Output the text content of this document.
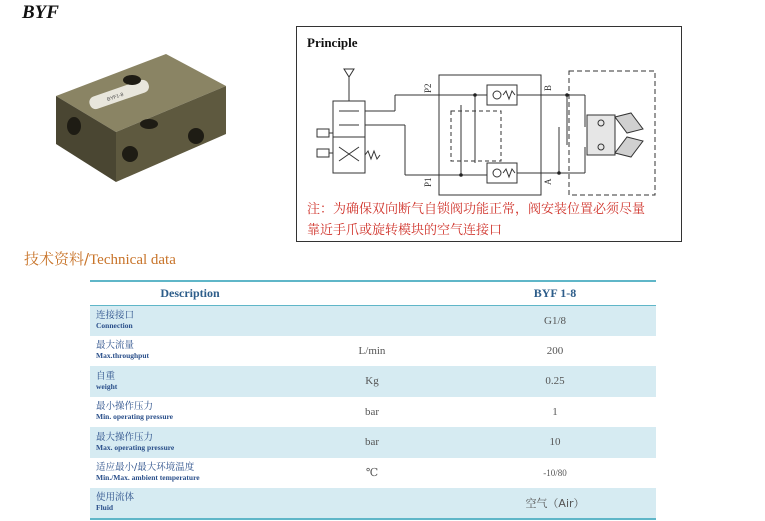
BYF
BYF1-8
Principle
P2
P1
B
A
注：为确保双向断气自锁阀功能正常，阀安装位置必须尽量
靠近手爪或旋转模块的空气连接口
技术资料/Technical data
Description		BYF 1-8

连接接口
Connection		G1/8

最大流量
Max.throughput	L/min	200

自重
weight	Kg	0.25

最小操作压力
Min. operating pressure	bar	1

最大操作压力
Max. operating pressure	bar	10

适应最小/最大环境温度
Min./Max. ambient temperature	℃	-10/80

使用流体
Fluid		空气（Air）
